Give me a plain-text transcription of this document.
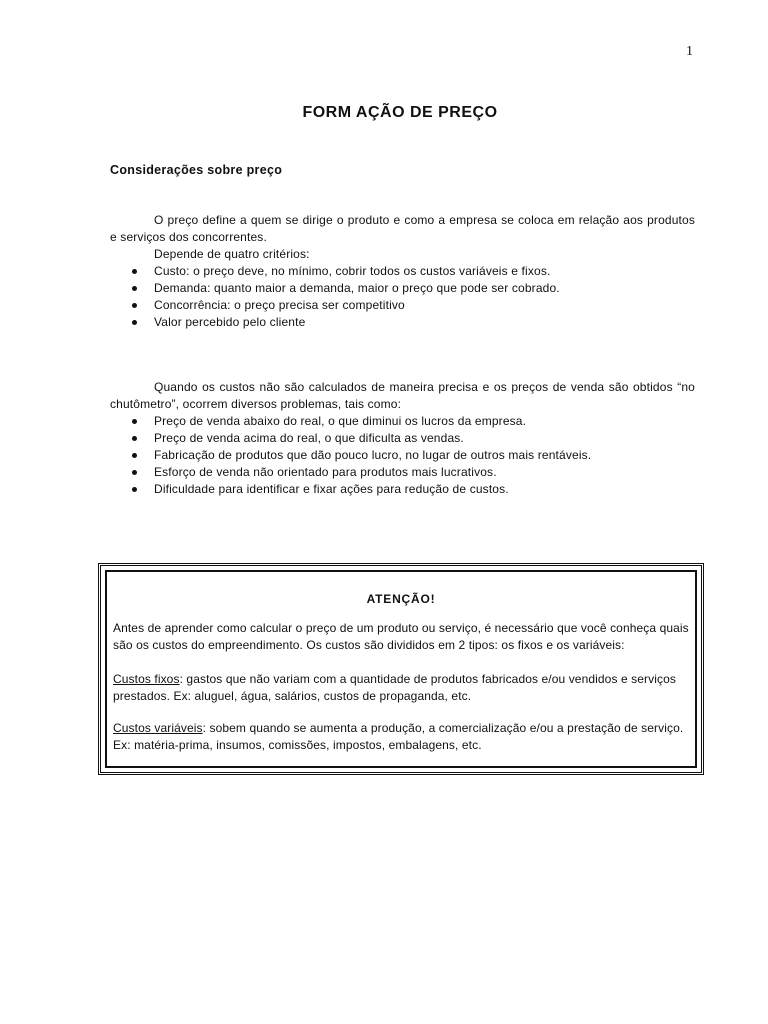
1
FORM AÇÃO DE PREÇO
Considerações sobre preço
O preço define a quem se dirige o produto e como a empresa se coloca em relação aos produtos e serviços dos concorrentes.
Depende de quatro critérios:
Custo: o preço deve, no mínimo, cobrir todos os custos variáveis e fixos.
Demanda: quanto maior a demanda, maior o preço que pode ser cobrado.
Concorrência: o preço precisa ser competitivo
Valor percebido pelo cliente
Quando os custos não são calculados de maneira precisa e os preços de venda são obtidos “no chutômetro”, ocorrem diversos problemas, tais como:
Preço de venda abaixo do real, o que diminui os lucros da empresa.
Preço de venda acima do real, o que dificulta as vendas.
Fabricação de produtos que dão pouco lucro, no lugar de outros mais rentáveis.
Esforço de venda não orientado para produtos mais lucrativos.
Dificuldade para identificar e fixar ações para redução de custos.
ATENÇÃO!
Antes de aprender como calcular o preço de um produto ou serviço, é necessário que você conheça quais são os custos do empreendimento. Os custos são divididos em 2 tipos: os fixos e os variáveis:
Custos fixos: gastos que não variam com a quantidade de produtos fabricados e/ou vendidos e serviços prestados. Ex: aluguel, água, salários, custos de propaganda, etc.
Custos variáveis: sobem quando se aumenta a produção, a comercialização e/ou a prestação de serviço. Ex: matéria-prima, insumos, comissões, impostos, embalagens, etc.
